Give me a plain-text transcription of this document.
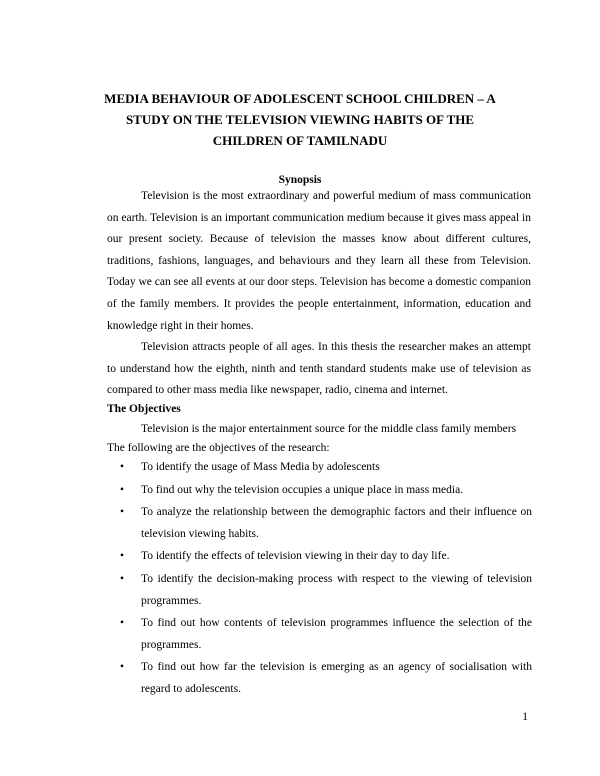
MEDIA BEHAVIOUR OF ADOLESCENT SCHOOL CHILDREN – A
STUDY ON THE TELEVISION VIEWING HABITS OF THE
CHILDREN OF TAMILNADU
Synopsis

Television is the most extraordinary and powerful medium of mass communication on earth. Television is an important communication medium because it gives mass appeal in our present society. Because of television the masses know about different cultures, traditions, fashions, languages, and behaviours and they learn all these from Television. Today we can see all events at our door steps. Television has become a domestic companion of the family members. It provides the people entertainment, information, education and knowledge right in their homes.

Television attracts people of all ages. In this thesis the researcher makes an attempt to understand how the eighth, ninth and tenth standard students make use of television as compared to other mass media like newspaper, radio, cinema and internet.

The Objectives
Television is the major entertainment source for the middle class family members
The following are the objectives of the research:
• To identify the usage of Mass Media by adolescents
• To find out why the television occupies a unique place in mass media.
• To analyze the relationship between the demographic factors and their influence on television viewing habits.
• To identify the effects of television viewing in their day to day life.
• To identify the decision-making process with respect to the viewing of television programmes.
• To find out how contents of television programmes influence the selection of the programmes.
• To find out how far the television is emerging as an agency of socialisation with regard to adolescents.
1
